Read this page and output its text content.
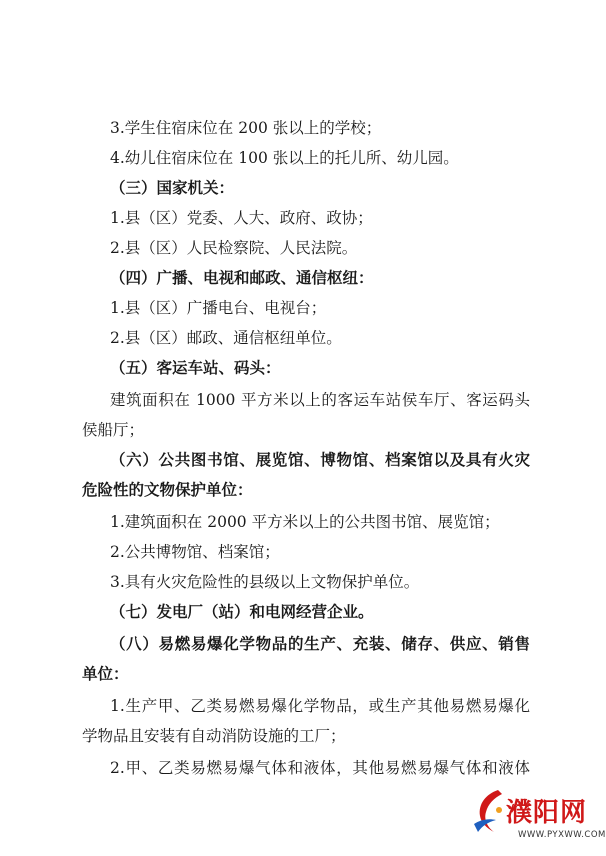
3.学生住宿床位在 200 张以上的学校；
4.幼儿住宿床位在 100 张以上的托儿所、幼儿园。
（三）国家机关：
1.县（区）党委、人大、政府、政协；
2.县（区）人民检察院、人民法院。
（四）广播、电视和邮政、通信枢纽：
1.县（区）广播电台、电视台；
2.县（区）邮政、通信枢纽单位。
（五）客运车站、码头：
建筑面积在 1000 平方米以上的客运车站侯车厅、客运码头
侯船厅；
（六）公共图书馆、展览馆、博物馆、档案馆以及具有火灾
危险性的文物保护单位：
1.建筑面积在 2000 平方米以上的公共图书馆、展览馆；
2.公共博物馆、档案馆；
3.具有火灾危险性的县级以上文物保护单位。
（七）发电厂（站）和电网经营企业。
（八）易燃易爆化学物品的生产、充装、储存、供应、销售
单位：
1.生产甲、乙类易燃易爆化学物品，或生产其他易燃易爆化
学物品且安装有自动消防设施的工厂；
2.甲、乙类易燃易爆气体和液体，其他易燃易爆气体和液体
濮阳网
WWW.PYXWW.COM
